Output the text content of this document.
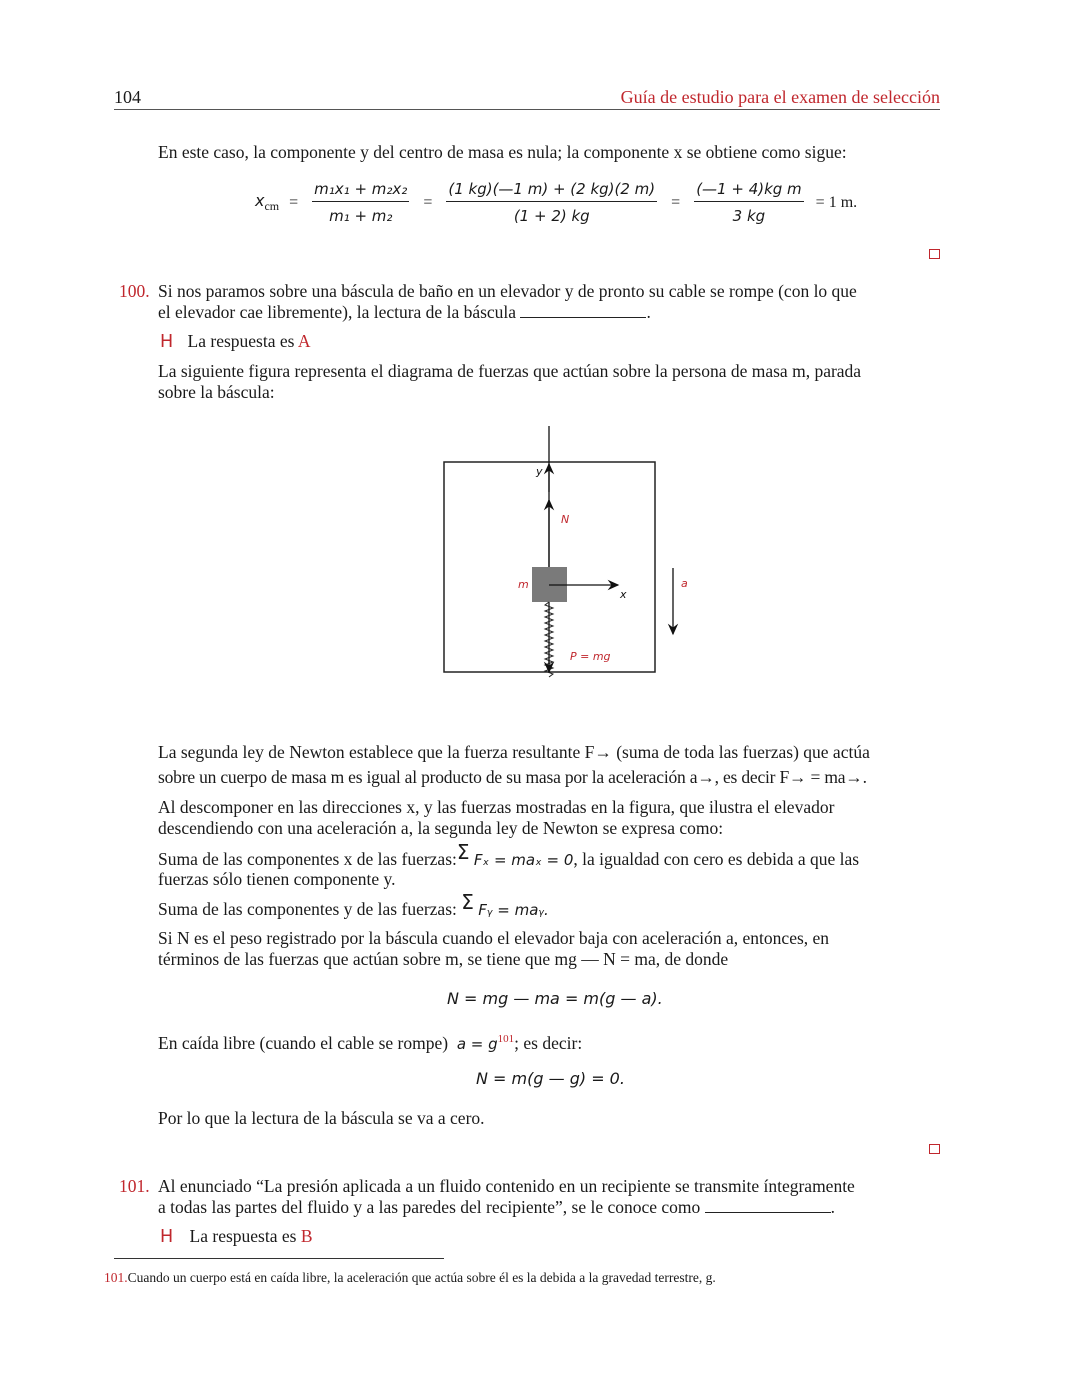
104	Guía de estudio para el examen de selección
En este caso, la componente y del centro de masa es nula; la componente x se obtiene como sigue:
$x_{cm} = \frac{\text{m₁x₁ + m₂x₂}}{\text{m₁ + m₂}} = \frac{(1 kg)(—1 m) + (2 kg)(2 m)}{(1 + 2) kg} = \frac{\text{(—1 + 4)kg m}}{3 kg} = 1$ m.
100. Si nos paramos sobre una báscula de baño en un elevador y de pronto su cable se rompe (con lo que
el elevador cae libremente), la lectura de la báscula	.
H La respuesta es A
La siguiente figura representa el diagrama de fuerzas que actúan sobre la persona de masa m, parada
sobre la báscula:
y
N
m
x
a
P = mg
La segunda ley de Newton establece que la fuerza resultante F→ (suma de toda las fuerzas) que actúa
sobre un cuerpo de masa m es igual al producto de su masa por la aceleración a→, es decir F→ = ma→.
Al descomponer en las direcciones x, y las fuerzas mostradas en la figura, que ilustra el elevador
descendiendo con una aceleración a, la segunda ley de Newton se expresa como:
Suma de las componentes x de las fuerzas:Σ Fₓ = maₓ = 0, la igualdad con cero es debida a que las
fuerzas sólo tienen componente y.
Suma de las componentes y de las fuerzas: Σ Fᵧ = maᵧ.
Si N es el peso registrado por la báscula cuando el elevador baja con aceleración a, entonces, en
términos de las fuerzas que actúan sobre m, se tiene que mg — N = ma, de donde
N = mg — ma = m(g — a).
En caída libre (cuando el cable se rompe) a = g$^{101}$; es decir:
N = m(g — g) = 0.
Por lo que la lectura de la báscula se va a cero.
101. Al enunciado “La presión aplicada a un fluido contenido en un recipiente se transmite íntegramente
a todas las partes del fluido y a las paredes del recipiente”, se le conoce como	.
H La respuesta es B
101.Cuando un cuerpo está en caída libre, la aceleración que actúa sobre él es la debida a la gravedad terrestre, g.
